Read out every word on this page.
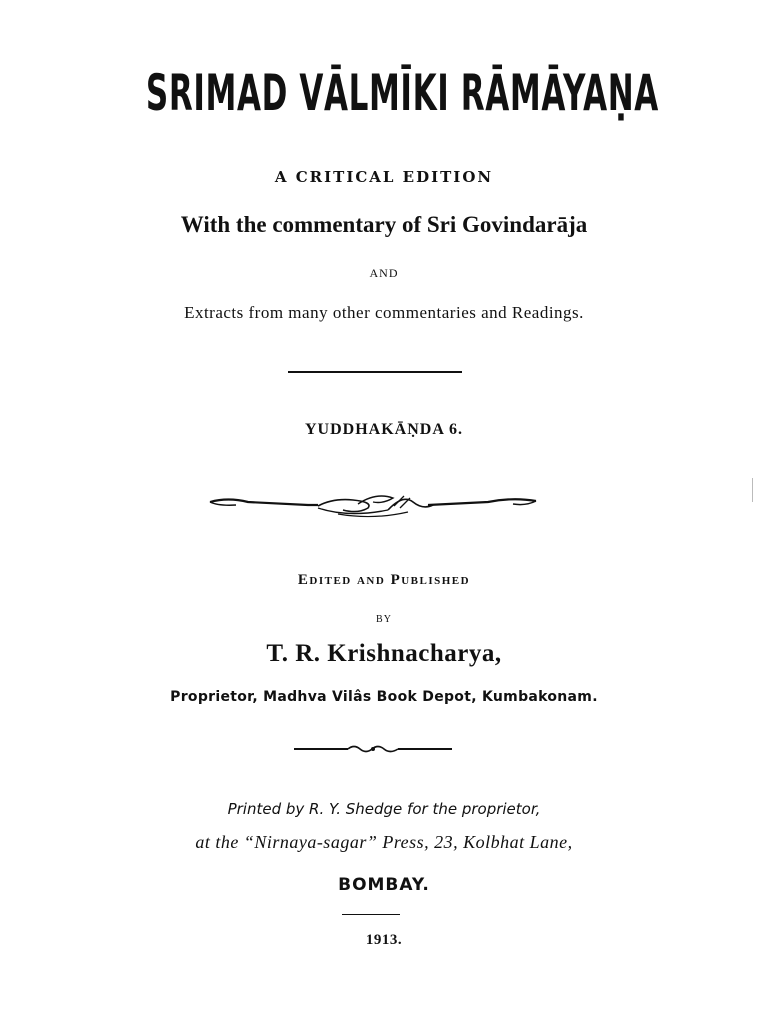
SRIMAD VĀLMĪKI RĀMĀYAṆA
A CRITICAL EDITION
With the commentary of Sri Govindarāja
AND
Extracts from many other commentaries and Readings.
YUDDHAKĀṆDA 6.
Edited and Published
BY
T. R. Krishnacharya,
Proprietor, Madhva Vilâs Book Depot, Kumbakonam.
Printed by R. Y. Shedge for the proprietor,
at the “Nirnaya-sagar” Press, 23, Kolbhat Lane,
BOMBAY.
1913.
